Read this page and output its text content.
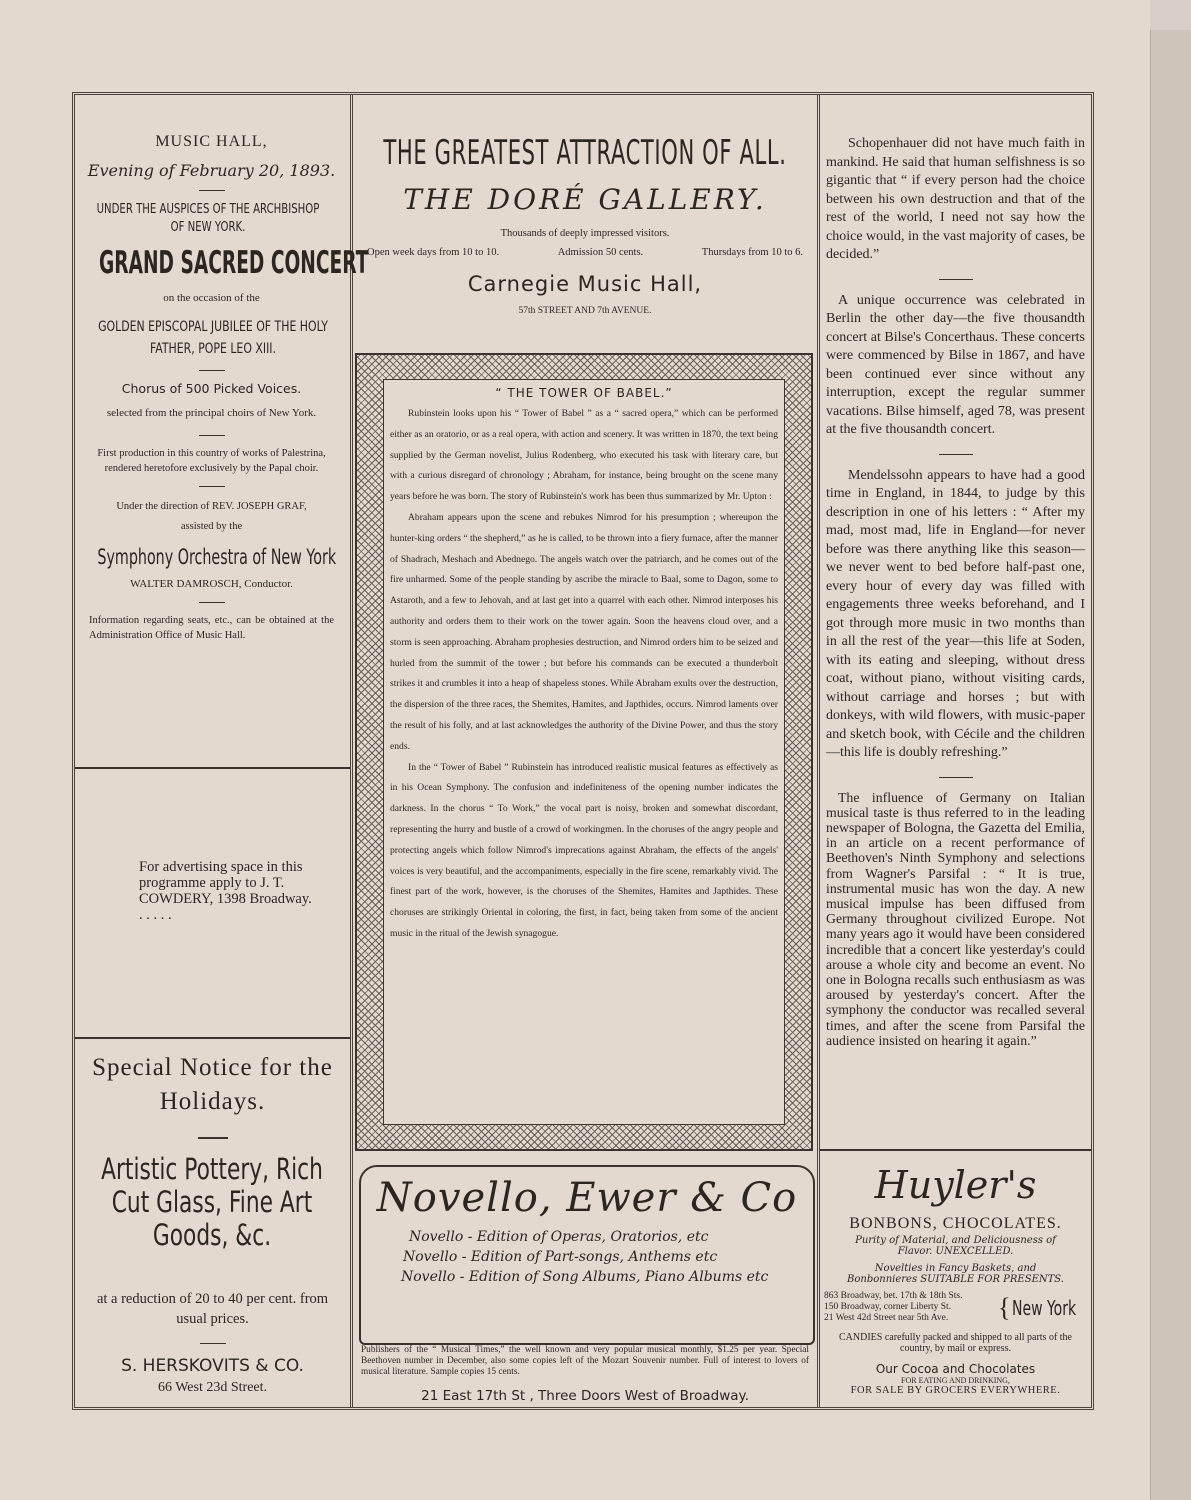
MUSIC HALL,
Evening of February 20, 1893.
UNDER THE AUSPICES OF THE ARCHBISHOP OF NEW YORK.
GRAND SACRED CONCERT
on the occasion of the
GOLDEN EPISCOPAL JUBILEE OF THE HOLY FATHER, POPE LEO XIII.
Chorus of 500 Picked Voices.
selected from the principal choirs of New York.
First production in this country of works of Palestrina, rendered heretofore exclusively by the Papal choir.
Under the direction of REV. JOSEPH GRAF, assisted by the
Symphony Orchestra of New York
WALTER DAMROSCH, Conductor.
Information regarding seats, etc., can be obtained at the Administration Office of Music Hall.
For advertising space in this programme apply to J. T. COWDERY, 1398 Broadway. . . . . .
Special Notice for the Holidays.
Artistic Pottery, Rich Cut Glass, Fine Art Goods, &c.
at a reduction of 20 to 40 per cent. from usual prices.
S. HERSKOVITS & CO.
66 West 23d Street.
THE GREATEST ATTRACTION OF ALL.
THE DORÉ GALLERY.
Thousands of deeply impressed visitors.
Open week days from 10 to 10.	Admission 50 cents.	Thursdays from 10 to 6.
Carnegie Music Hall,
57th STREET AND 7th AVENUE.
“ THE TOWER OF BABEL.”

Rubinstein looks upon his “ Tower of Babel ” as a “ sacred opera,” which can be performed either as an oratorio, or as a real opera, with action and scenery. It was written in 1870, the text being supplied by the German novelist, Julius Rodenberg, who executed his task with literary care, but with a curious disregard of chronology ; Abraham, for instance, being brought on the scene many years before he was born. The story of Rubinstein's work has been thus summarized by Mr. Upton :

Abraham appears upon the scene and rebukes Nimrod for his presumption ; whereupon the hunter-king orders “ the shepherd,” as he is called, to be thrown into a fiery furnace, after the manner of Shadrach, Meshach and Abednego. The angels watch over the patriarch, and he comes out of the fire unharmed. Some of the people standing by ascribe the miracle to Baal, some to Dagon, some to Astaroth, and a few to Jehovah, and at last get into a quarrel with each other. Nimrod interposes his authority and orders them to their work on the tower again. Soon the heavens cloud over, and a storm is seen approaching. Abraham prophesies destruction, and Nimrod orders him to be seized and hurled from the summit of the tower ; but before his commands can be executed a thunderbolt strikes it and crumbles it into a heap of shapeless stones. While Abraham exults over the destruction, the dispersion of the three races, the Shemites, Hamites, and Japthides, occurs. Nimrod laments over the result of his folly, and at last acknowledges the authority of the Divine Power, and thus the story ends.

In the “ Tower of Babel ” Rubinstein has introduced realistic musical features as effectively as in his Ocean Symphony. The confusion and indefiniteness of the opening number indicates the darkness. In the chorus “ To Work,” the vocal part is noisy, broken and somewhat discordant, representing the hurry and bustle of a crowd of workingmen. In the choruses of the angry people and protecting angels which follow Nimrod's imprecations against Abraham, the effects of the angels' voices is very beautiful, and the accompaniments, especially in the fire scene, remarkably vivid. The finest part of the work, however, is the choruses of the Shemites, Hamites and Japthides. These choruses are strikingly Oriental in coloring, the first, in fact, being taken from some of the ancient music in the ritual of the Jewish synagogue.

Novello, Ewer & Co
Novello - Edition of Operas, Oratorios, etc
Novello - Edition of Part-songs, Anthems etc
Novello - Edition of Song Albums, Piano Albums etc
Publishers of the “ Musical Times,” the well known and very popular musical monthly, $1.25 per year. Special Beethoven number in December, also some copies left of the Mozart Souvenir number. Full of interest to lovers of musical literature. Sample copies 15 cents.
21 East 17th St , Three Doors West of Broadway.

Schopenhauer did not have much faith in mankind. He said that human selfishness is so gigantic that “ if every person had the choice between his own destruction and that of the rest of the world, I need not say how the choice would, in the vast majority of cases, be decided.”

A unique occurrence was celebrated in Berlin the other day—the five thousandth concert at Bilse's Concerthaus. These concerts were commenced by Bilse in 1867, and have been continued ever since without any interruption, except the regular summer vacations. Bilse himself, aged 78, was present at the five thousandth concert.

Mendelssohn appears to have had a good time in England, in 1844, to judge by this description in one of his letters : “ After my mad, most mad, life in England—for never before was there anything like this season—we never went to bed before half-past one, every hour of every day was filled with engagements three weeks beforehand, and I got through more music in two months than in all the rest of the year—this life at Soden, with its eating and sleeping, without dress coat, without piano, without visiting cards, without carriage and horses ; but with donkeys, with wild flowers, with music-paper and sketch book, with Cécile and the children—this life is doubly refreshing.”

The influence of Germany on Italian musical taste is thus referred to in the leading newspaper of Bologna, the Gazetta del Emilia, in an article on a recent performance of Beethoven's Ninth Symphony and selections from Wagner's Parsifal : “ It is true, instrumental music has won the day. A new musical impulse has been diffused from Germany throughout civilized Europe. Not many years ago it would have been considered incredible that a concert like yesterday's could arouse a whole city and become an event. No one in Bologna recalls such enthusiasm as was aroused by yesterday's concert. After the symphony the conductor was recalled several times, and after the scene from Parsifal the audience insisted on hearing it again.”

Huyler's
BONBONS, CHOCOLATES.
Purity of Material, and Deliciousness of Flavor. UNEXCELLED.
Novelties in Fancy Baskets, and Bonbonnieres SUITABLE FOR PRESENTS.
863 Broadway, bet. 17th & 18th Sts.
150 Broadway, corner Liberty St.
21 West 42d Street near 5th Ave.	{ New York
CANDIES carefully packed and shipped to all parts of the country, by mail or express.
Our Cocoa and Chocolates
FOR EATING AND DRINKING,
FOR SALE BY GROCERS EVERYWHERE.
